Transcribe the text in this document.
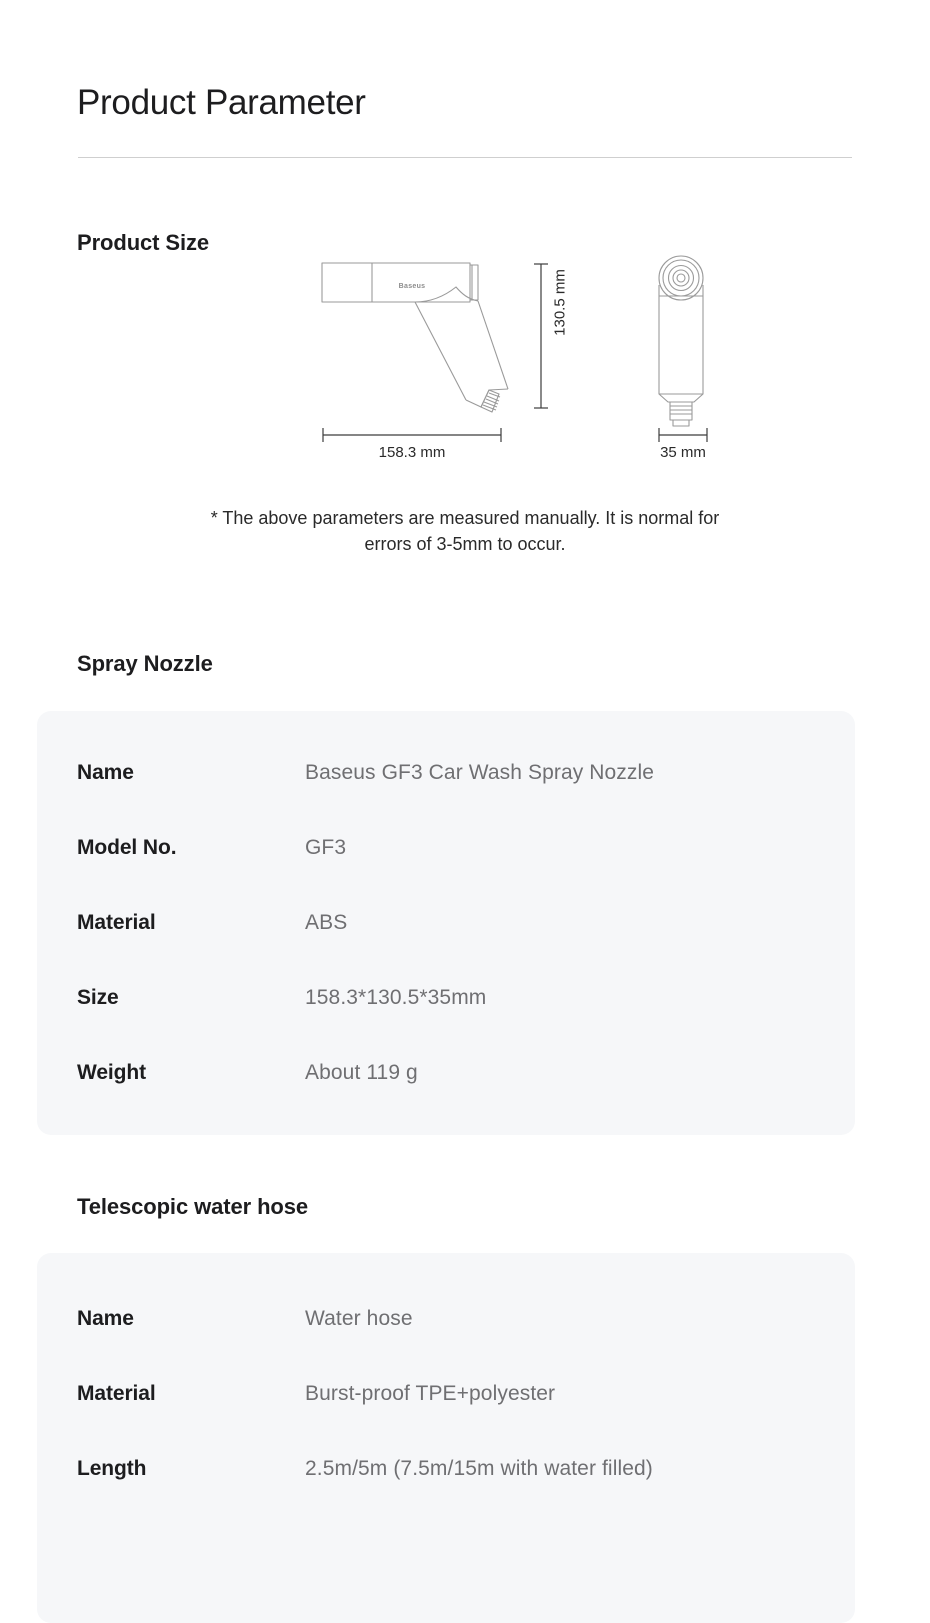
Product Parameter
Product Size
Baseus
158.3 mm
130.5 mm
35 mm
* The above parameters are measured manually. It is normal for
errors of 3-5mm to occur.
Spray Nozzle
Name	Baseus GF3 Car Wash Spray Nozzle
Model No.	GF3
Material	ABS
Size	158.3*130.5*35mm
Weight	About 119 g
Telescopic water hose
Name	Water hose
Material	Burst-proof TPE+polyester
Length	2.5m/5m (7.5m/15m with water filled)
